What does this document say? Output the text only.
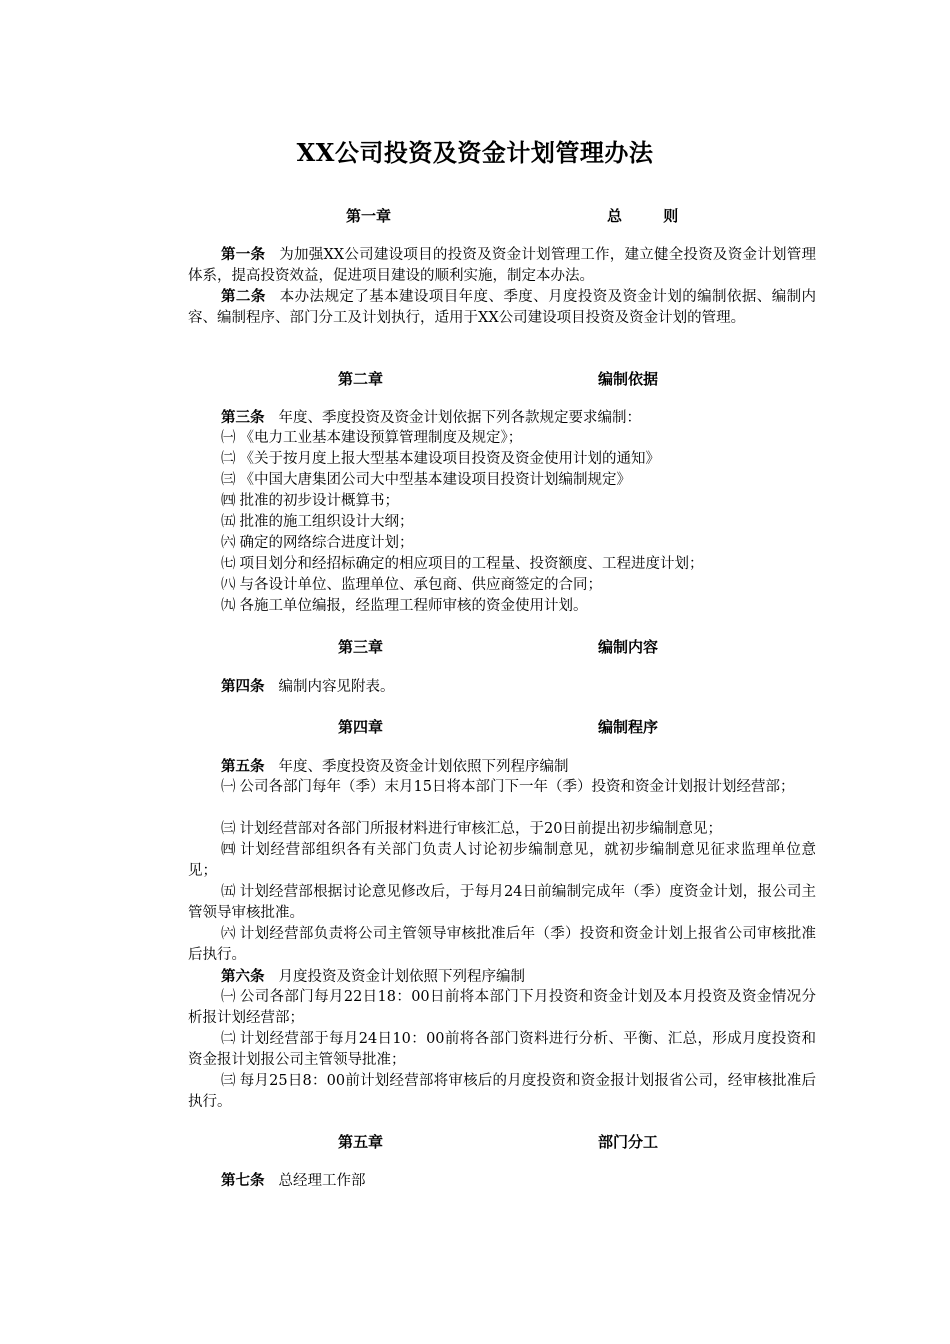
XX公司投资及资金计划管理办法
第一章	总 则
第一条 为加强XX公司建设项目的投资及资金计划管理工作，建立健全投资及资金计划管理体系，提高投资效益，促进项目建设的顺利实施，制定本办法。
第二条 本办法规定了基本建设项目年度、季度、月度投资及资金计划的编制依据、编制内容、编制程序、部门分工及计划执行，适用于XX公司建设项目投资及资金计划的管理。
第二章	编制依据
第三条 年度、季度投资及资金计划依据下列各款规定要求编制：
㈠ 《电力工业基本建设预算管理制度及规定》；
㈡ 《关于按月度上报大型基本建设项目投资及资金使用计划的通知》
㈢ 《中国大唐集团公司大中型基本建设项目投资计划编制规定》
㈣ 批准的初步设计概算书；
㈤ 批准的施工组织设计大纲；
㈥ 确定的网络综合进度计划；
㈦ 项目划分和经招标确定的相应项目的工程量、投资额度、工程进度计划；
㈧ 与各设计单位、监理单位、承包商、供应商签定的合同；
㈨ 各施工单位编报，经监理工程师审核的资金使用计划。
第三章	编制内容
第四条 编制内容见附表。
第四章	编制程序
第五条 年度、季度投资及资金计划依照下列程序编制
㈠ 公司各部门每年（季）末月15日将本部门下一年（季）投资和资金计划报计划经营部；
㈢ 计划经营部对各部门所报材料进行审核汇总，于20日前提出初步编制意见；
㈣ 计划经营部组织各有关部门负责人讨论初步编制意见，就初步编制意见征求监理单位意见；
㈤ 计划经营部根据讨论意见修改后，于每月24日前编制完成年（季）度资金计划，报公司主管领导审核批准。
㈥ 计划经营部负责将公司主管领导审核批准后年（季）投资和资金计划上报省公司审核批准后执行。
第六条 月度投资及资金计划依照下列程序编制
㈠ 公司各部门每月22日18：00日前将本部门下月投资和资金计划及本月投资及资金情况分析报计划经营部；
㈡ 计划经营部于每月24日10：00前将各部门资料进行分析、平衡、汇总，形成月度投资和资金报计划报公司主管领导批准；
㈢ 每月25日8：00前计划经营部将审核后的月度投资和资金报计划报省公司，经审核批准后执行。
第五章	部门分工
第七条 总经理工作部
